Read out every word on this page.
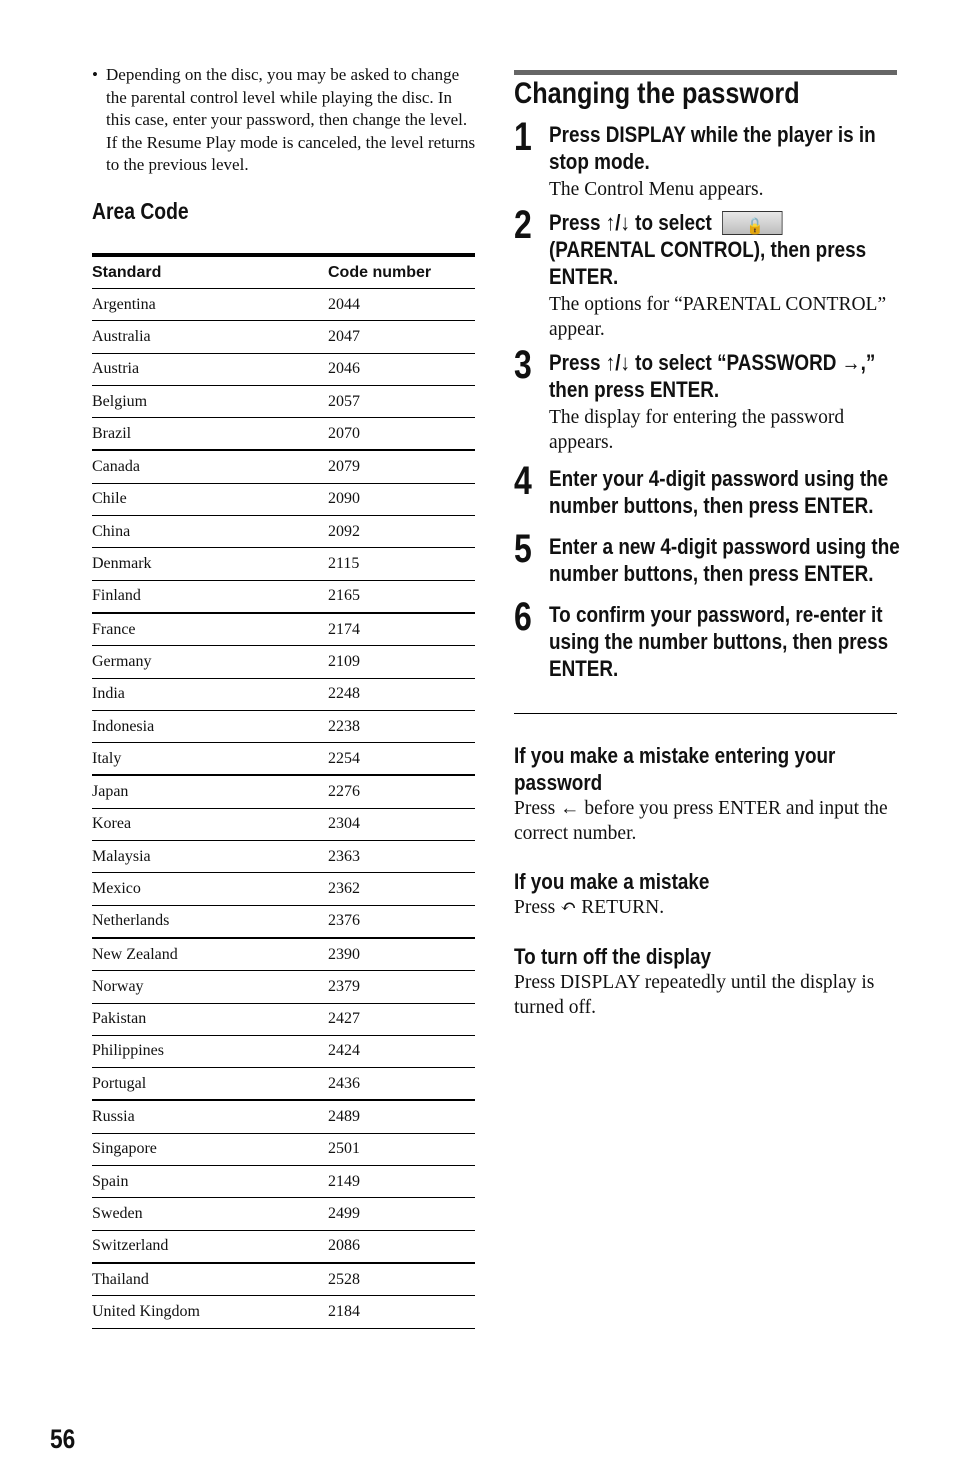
• Depending on the disc, you may be asked to change the parental control level while playing the disc. In this case, enter your password, then change the level. If the Resume Play mode is canceled, the level returns to the previous level.
Area Code
Standard	Code number
Argentina	2044
Australia	2047
Austria	2046
Belgium	2057
Brazil	2070
Canada	2079
Chile	2090
China	2092
Denmark	2115
Finland	2165
France	2174
Germany	2109
India	2248
Indonesia	2238
Italy	2254
Japan	2276
Korea	2304
Malaysia	2363
Mexico	2362
Netherlands	2376
New Zealand	2390
Norway	2379
Pakistan	2427
Philippines	2424
Portugal	2436
Russia	2489
Singapore	2501
Spain	2149
Sweden	2499
Switzerland	2086
Thailand	2528
United Kingdom	2184
Changing the password
1 Press DISPLAY while the player is in stop mode.
The Control Menu appears.
2 Press ↑/↓ to select 🔒
(PARENTAL CONTROL), then press ENTER.
The options for “PARENTAL CONTROL” appear.
3 Press ↑/↓ to select “PASSWORD →,” then press ENTER.
The display for entering the password appears.
4 Enter your 4-digit password using the number buttons, then press ENTER.
5 Enter a new 4-digit password using the number buttons, then press ENTER.
6 To confirm your password, re-enter it using the number buttons, then press ENTER.
If you make a mistake entering your password
Press ← before you press ENTER and input the correct number.
If you make a mistake
Press ↶ RETURN.
To turn off the display
Press DISPLAY repeatedly until the display is turned off.
56
